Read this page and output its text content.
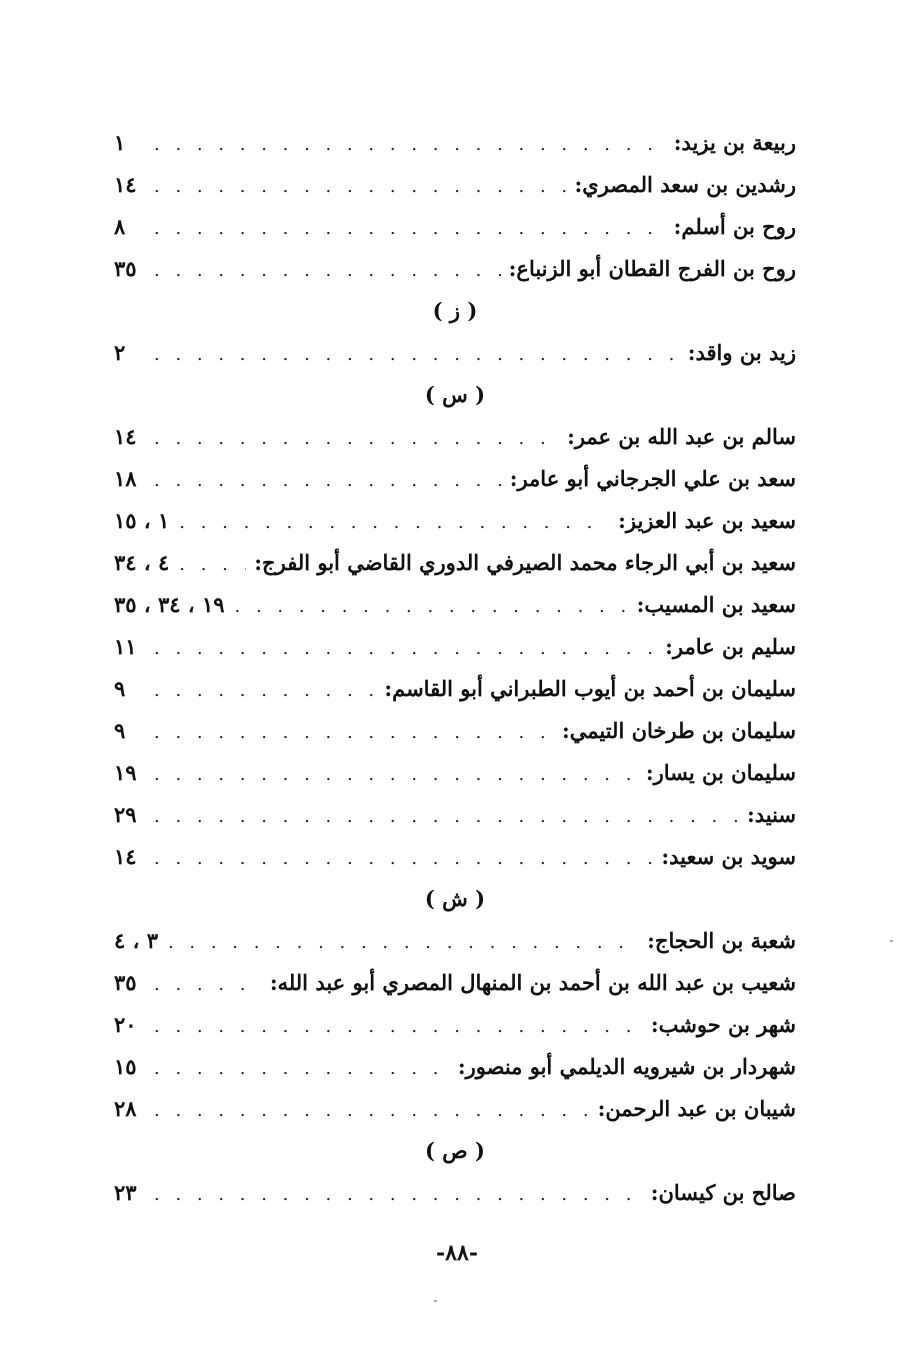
ربيعة بن يزيد:
. . .
١
رشدين بن سعد المصري:
. . .
١٤
روح بن أسلم:
. . .
٨
روح بن الفرج القطان أبو الزنباع:
. . .
٣٥
( ز )
زيد بن واقد:
. . .
٢
( س )
سالم بن عبد الله بن عمر:
. . .
١٤
سعد بن علي الجرجاني أبو عامر:
. . .
١٨
سعيد بن عبد العزيز:
. . .
١ ، ١٥
سعيد بن أبي الرجاء محمد الصيرفي الدوري القاضي أبو الفرج:
. . .
٤ ، ٣٤
سعيد بن المسيب:
. . .
١٩ ، ٣٤ ، ٣٥
سليم بن عامر:
. . .
١١
سليمان بن أحمد بن أيوب الطبراني أبو القاسم:
. . .
٩
سليمان بن طرخان التيمي:
. . .
٩
سليمان بن يسار:
. . .
١٩
سنيد:
. . .
٢٩
سويد بن سعيد:
. . .
١٤
( ش )
شعبة بن الحجاج:
. . .
٣ ، ٤
شعيب بن عبد الله بن أحمد بن المنهال المصري أبو عبد الله:
. . .
٣٥
شهر بن حوشب:
. . .
٢٠
شهردار بن شيرويه الديلمي أبو منصور:
. . .
١٥
شيبان بن عبد الرحمن:
. . .
٢٨
( ص )
صالح بن كيسان:
. . .
٢٣
-٨٨-
